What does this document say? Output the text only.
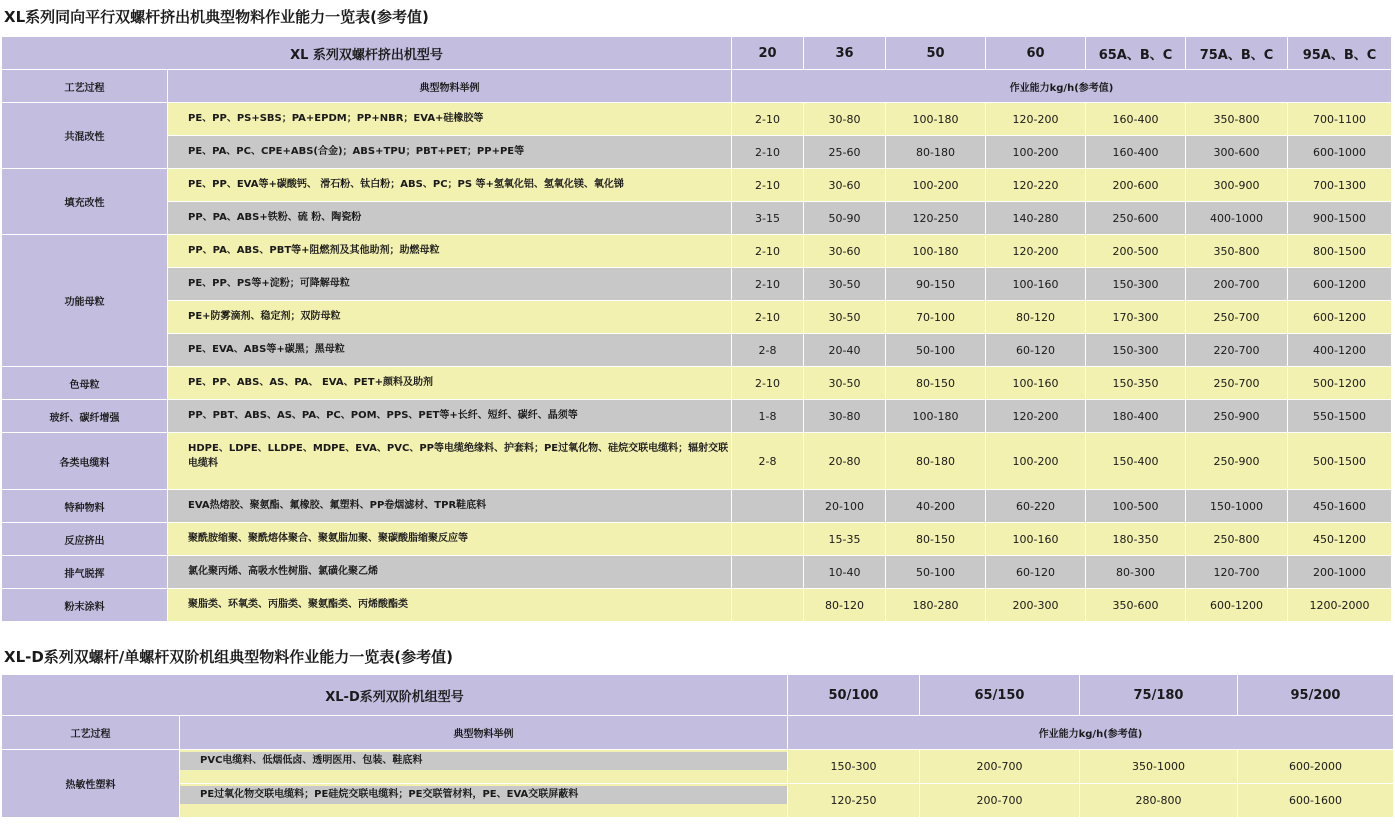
XL系列同向平行双螺杆挤出机典型物料作业能力一览表(参考值)
XL 系列双螺杆挤出机型号		20	36	50	60	65A、B、C	75A、B、C	95A、B、C
工艺过程	典型物料举例	作业能力kg/h(参考值)						
共混改性	PE、PP、PS+SBS；PA+EPDM；PP+NBR；EVA+硅橡胶等	2-10	30-80	100-180	120-200	160-400	350-800	700-1100
	PE、PA、PC、CPE+ABS(合金)；ABS+TPU；PBT+PET；PP+PE等	2-10	25-60	80-180	100-200	160-400	300-600	600-1000
填充改性	PE、PP、EVA等+碳酸钙、 滑石粉、钛白粉；ABS、PC；PS 等+氢氧化铝、氢氧化镁、氧化锑	2-10	30-60	100-200	120-220	200-600	300-900	700-1300
	PP、PA、ABS+铁粉、硫 粉、陶瓷粉	3-15	50-90	120-250	140-280	250-600	400-1000	900-1500
功能母粒	PP、PA、ABS、PBT等+阻燃剂及其他助剂；助燃母粒	2-10	30-60	100-180	120-200	200-500	350-800	800-1500
	PE、PP、PS等+淀粉；可降解母粒	2-10	30-50	90-150	100-160	150-300	200-700	600-1200
	PE+防雾滴剂、稳定剂；双防母粒	2-10	30-50	70-100	80-120	170-300	250-700	600-1200
	PE、EVA、ABS等+碳黑；黑母粒	2-8	20-40	50-100	60-120	150-300	220-700	400-1200
色母粒	PE、PP、ABS、AS、PA、 EVA、PET+颜料及助剂	2-10	30-50	80-150	100-160	150-350	250-700	500-1200
玻纤、碳纤增强	PP、PBT、ABS、AS、PA、PC、POM、PPS、PET等+长纤、短纤、碳纤、晶须等	1-8	30-80	100-180	120-200	180-400	250-900	550-1500
各类电缆料	HDPE、LDPE、LLDPE、MDPE、EVA、PVC、PP等电缆绝缘料、护套料；PE过氧化物、硅烷交联电缆料；辐射交联电缆料	2-8	20-80	80-180	100-200	150-400	250-900	500-1500
特种物料	EVA热熔胶、聚氨酯、氟橡胶、氟塑料、PP卷烟滤材、TPR鞋底料		20-100	40-200	60-220	100-500	150-1000	450-1600
反应挤出	聚酰胺缩聚、聚酰熔体聚合、聚氨脂加聚、聚碳酸脂缩聚反应等		15-35	80-150	100-160	180-350	250-800	450-1200
排气脱挥	氯化聚丙烯、高吸水性树脂、氯磺化聚乙烯		10-40	50-100	60-120	80-300	120-700	200-1000
粉末涂料	聚脂类、环氧类、丙脂类、聚氨酯类、丙烯酸酯类		80-120	180-280	200-300	350-600	600-1200	1200-2000
XL-D系列双螺杆/单螺杆双阶机组典型物料作业能力一览表(参考值)
XL-D系列双阶机组型号		50/100	65/150	75/180	95/200
工艺过程	典型物料举例	作业能力kg/h(参考值)			
热敏性塑料	PVC电缆料、低烟低卤、透明医用、包装、鞋底料	150-300	200-700	350-1000	600-2000

	PE过氧化物交联电缆料；PE硅烷交联电缆料；PE交联管材料，PE、EVA交联屏蔽料	120-250	200-700	280-800	600-1600
